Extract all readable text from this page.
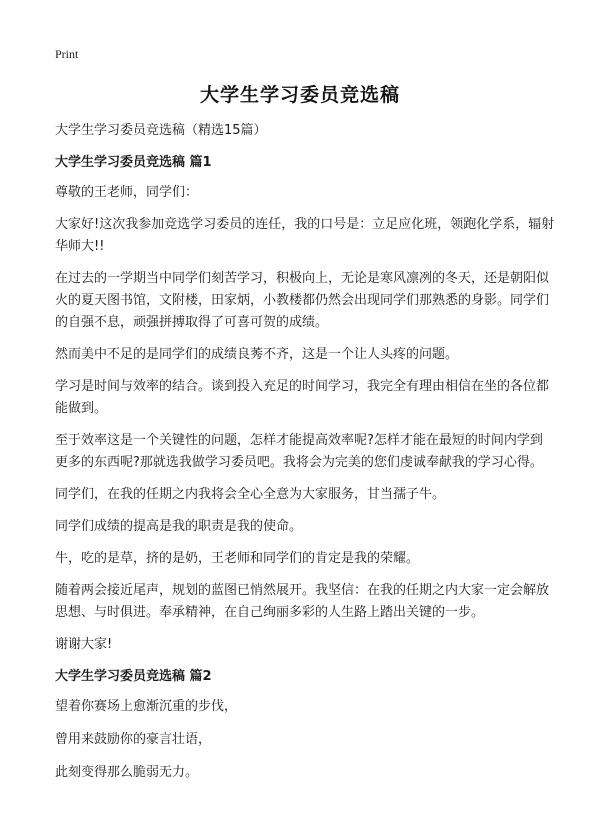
Print
大学生学习委员竞选稿

大学生学习委员竞选稿（精选15篇）

大学生学习委员竞选稿 篇1

尊敬的王老师，同学们：

大家好!这次我参加竞选学习委员的连任，我的口号是：立足应化班，领跑化学系，辐射华师大!!

在过去的一学期当中同学们刻苦学习，积极向上，无论是寒风凛冽的冬天，还是朝阳似火的夏天图书馆，文附楼，田家炳，小教楼都仍然会出现同学们那熟悉的身影。同学们的自强不息，顽强拼搏取得了可喜可贺的成绩。

然而美中不足的是同学们的成绩良莠不齐，这是一个让人头疼的问题。

学习是时间与效率的结合。谈到投入充足的时间学习，我完全有理由相信在坐的各位都能做到。

至于效率这是一个关键性的问题，怎样才能提高效率呢?怎样才能在最短的时间内学到更多的东西呢?那就选我做学习委员吧。我将会为完美的您们虔诚奉献我的学习心得。

同学们，在我的任期之内我将会全心全意为大家服务，甘当孺子牛。

同学们成绩的提高是我的职责是我的使命。

牛，吃的是草，挤的是奶，王老师和同学们的肯定是我的荣耀。

随着两会接近尾声，规划的蓝图已悄然展开。我坚信：在我的任期之内大家一定会解放思想、与时俱进。奉承精神，在自己绚丽多彩的人生路上踏出关键的一步。

谢谢大家!

大学生学习委员竞选稿 篇2

望着你赛场上愈渐沉重的步伐，

曾用来鼓励你的豪言壮语，

此刻变得那么脆弱无力。
